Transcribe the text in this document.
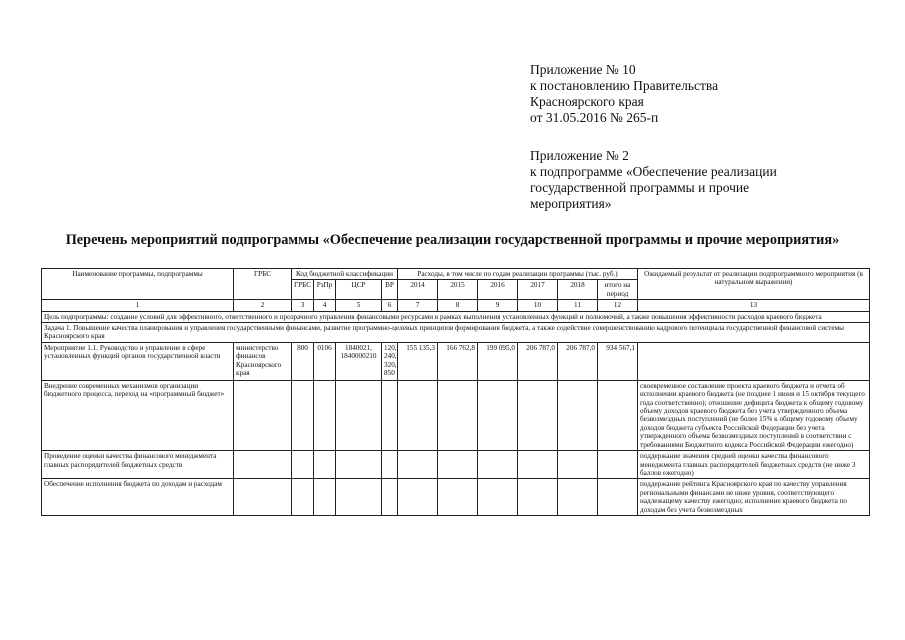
Приложение № 10
к постановлению Правительства
Красноярского края
от 31.05.2016 № 265-п
Приложение № 2
к подпрограмме «Обеспечение реализации
государственной программы и прочие
мероприятия»
Перечень мероприятий подпрограммы «Обеспечение реализации государственной программы и прочие мероприятия»
Наименование программы, подпрограммы	ГРБС	Код бюджетной классификации				Расходы, в том числе по годам реализации программы (тыс. руб.)						Ожидаемый результат от реализации подпрограммного мероприятия (в натуральном выражении)
		ГРБС	РзПр	ЦСР	ВР	2014	2015	2016	2017	2018	итого на период	
1	2	3	4	5	6	7	8	9	10	11	12	13
Цель подпрограммы: создание условий для эффективного, ответственного и прозрачного управления финансовыми ресурсами в рамках выполнения установленных функций и полномочий, а также повышения эффективности расходов краевого бюджета												
Задача 1. Повышение качества планирования и управления государственными финансами, развитие программно-целевых принципов формирования бюджета, а также содействие совершенствованию кадрового потенциала государственной финансовой системы Красноярского края												
Мероприятие 1.1. Руководство и управление в сфере установленных функций органов государственной власти	министерство финансов Красноярского края	800	0106	1840021, 1840000210	120, 240, 320, 850	155 135,3	166 762,8	199 095,0	206 787,0	206 787,0	934 567,1	
Внедрение современных механизмов организации бюджетного процесса, переход на «программный бюджет»												своевременное составление проекта краевого бюджета и отчета об исполнении краевого бюджета (не позднее 1 июня и 15 октября текущего года соответственно); отношение дефицита бюджета к общему годовому объему доходов краевого бюджета без учета утвержденного объема безвозмездных поступлений (не более 15% к общему годовому объему доходов бюджета субъекта Российской Федерации без учета утвержденного объема безвозмездных поступлений в соответствии с требованиями Бюджетного кодекса Российской Федерации ежегодно)
Проведение оценки качества финансового менеджмента главных распорядителей бюджетных средств												поддержание значения средней оценки качества финансового менеджмента главных распорядителей бюджетных средств (не ниже 3 баллов ежегодно)
Обеспечение исполнения бюджета по доходам и расходам												поддержание рейтинга Красноярского края по качеству управления региональными финансами не ниже уровня, соответствующего надлежащему качеству ежегодно; исполнение краевого бюджета по доходам без учета безвозмездных
